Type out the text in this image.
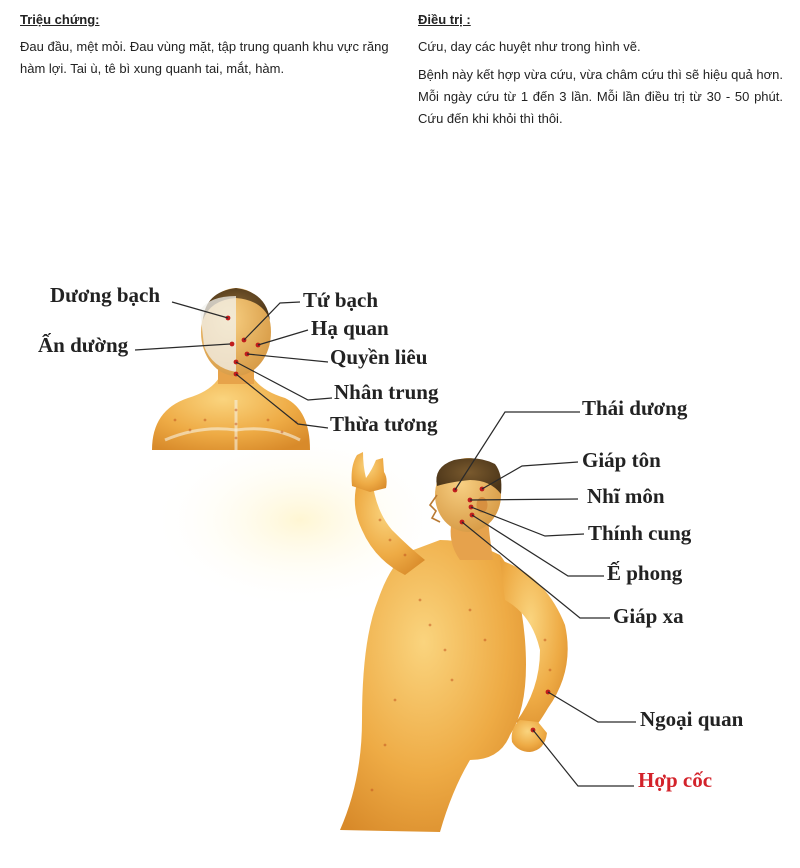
Triệu chứng:

Đau đầu, mệt mỏi. Đau vùng mặt, tập trung quanh khu vực răng hàm lợi. Tai ù, tê bì xung quanh tai, mắt, hàm.

Điều trị :

Cứu, day các huyệt như trong hình vẽ.

Bệnh này kết hợp vừa cứu, vừa châm cứu thì sẽ hiệu quả hơn. Mỗi ngày cứu từ 1 đến 3 lần. Mỗi lần điều trị từ 30 - 50 phút. Cứu đến khi khỏi thì thôi.

Dương bạch
Ấn dường
Tứ bạch
Hạ quan
Quyền liêu
Nhân trung
Thừa tương
Thái dương
Giáp tôn
Nhĩ môn
Thính cung
Ế phong
Giáp xa
Ngoại quan
Hợp cốc
